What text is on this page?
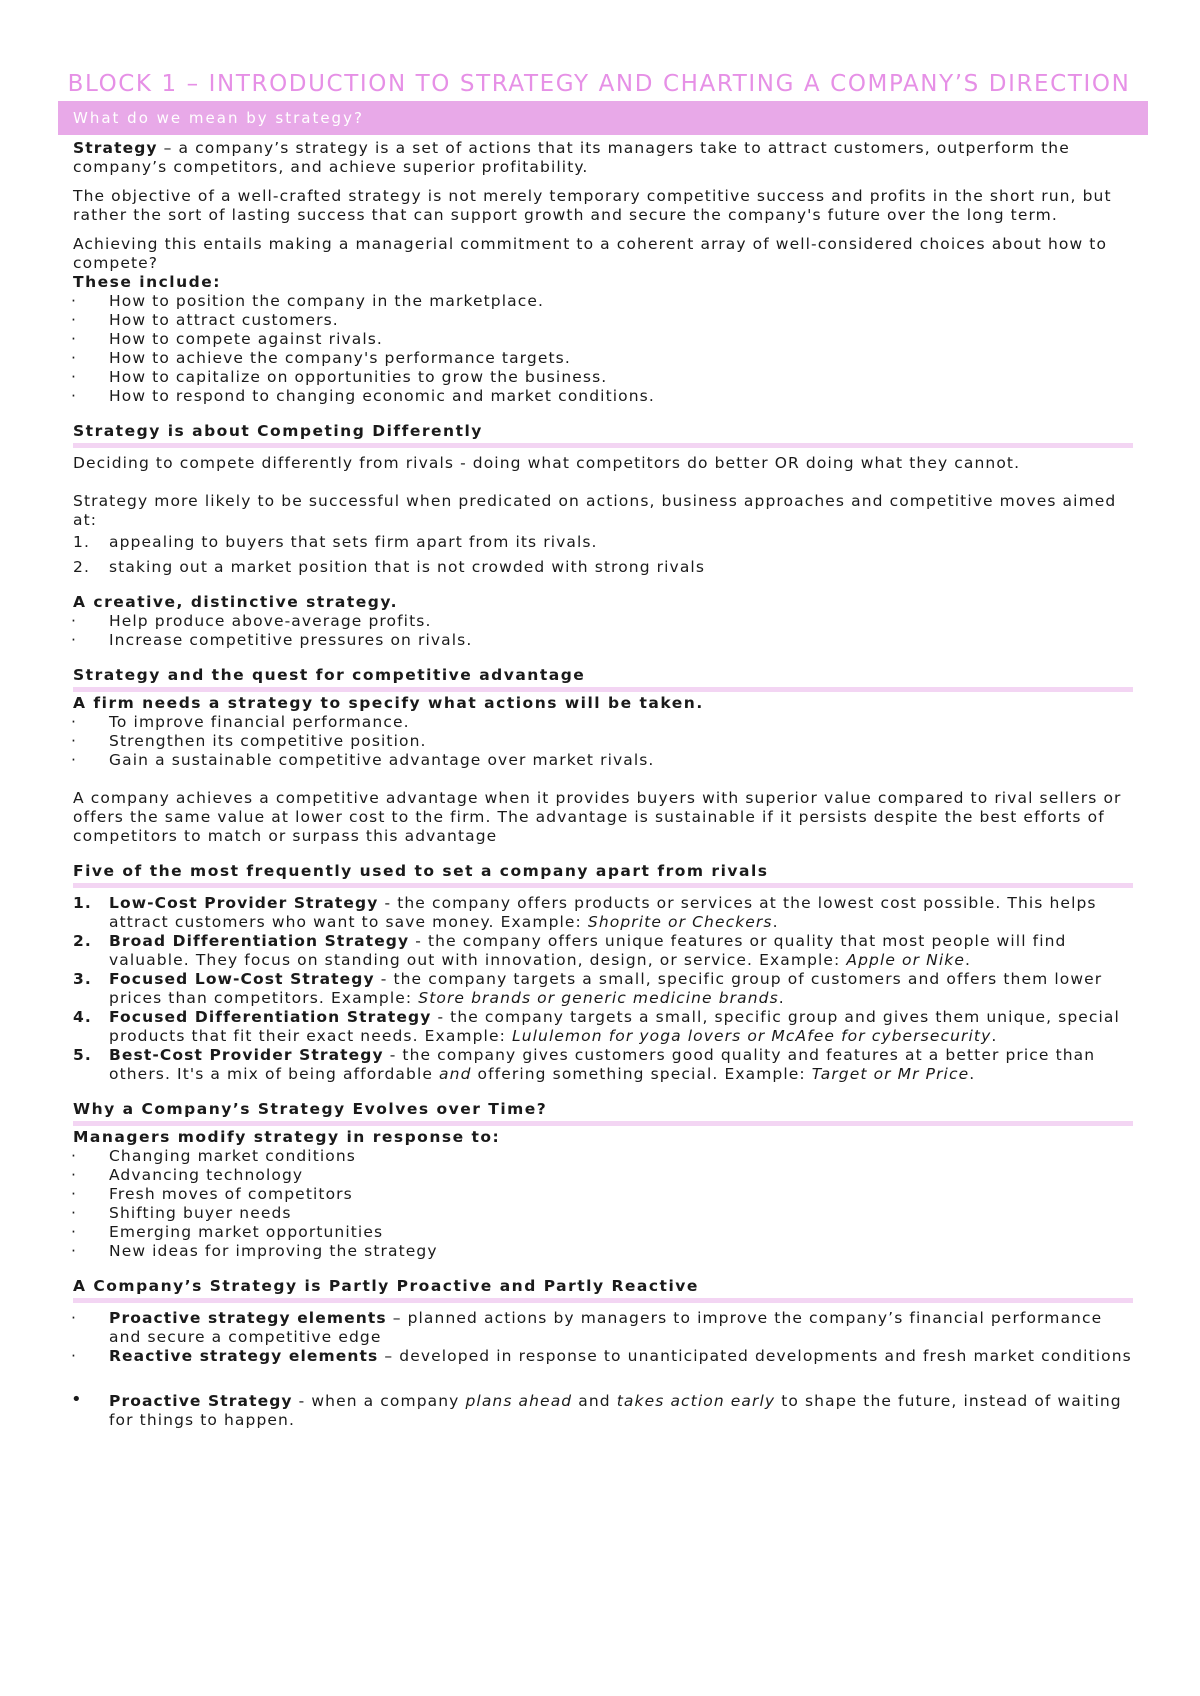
BLOCK 1 – INTRODUCTION TO STRATEGY AND CHARTING A COMPANY’S DIRECTION
What do we mean by strategy?

Strategy – a company’s strategy is a set of actions that its managers take to attract customers, outperform the company’s competitors, and achieve superior profitability.

The objective of a well-crafted strategy is not merely temporary competitive success and profits in the short run, but rather the sort of lasting success that can support growth and secure the company's future over the long term.

Achieving this entails making a managerial commitment to a coherent array of well-considered choices about how to compete?

These include:

· How to position the company in the marketplace.
· How to attract customers.
· How to compete against rivals.
· How to achieve the company's performance targets.
· How to capitalize on opportunities to grow the business.
· How to respond to changing economic and market conditions.

Strategy is about Competing Differently

Deciding to compete differently from rivals - doing what competitors do better OR doing what they cannot.

Strategy more likely to be successful when predicated on actions, business approaches and competitive moves aimed at:

1. appealing to buyers that sets firm apart from its rivals.
2. staking out a market position that is not crowded with strong rivals

A creative, distinctive strategy.

· Help produce above-average profits.
· Increase competitive pressures on rivals.

Strategy and the quest for competitive advantage

A firm needs a strategy to specify what actions will be taken.

· To improve financial performance.
· Strengthen its competitive position.
· Gain a sustainable competitive advantage over market rivals.

A company achieves a competitive advantage when it provides buyers with superior value compared to rival sellers or offers the same value at lower cost to the firm. The advantage is sustainable if it persists despite the best efforts of competitors to match or surpass this advantage

Five of the most frequently used to set a company apart from rivals

1. Low-Cost Provider Strategy - the company offers products or services at the lowest cost possible. This helps attract customers who want to save money. Example: Shoprite or Checkers.
2. Broad Differentiation Strategy - the company offers unique features or quality that most people will find valuable. They focus on standing out with innovation, design, or service. Example: Apple or Nike.
3. Focused Low-Cost Strategy - the company targets a small, specific group of customers and offers them lower prices than competitors. Example: Store brands or generic medicine brands.
4. Focused Differentiation Strategy - the company targets a small, specific group and gives them unique, special products that fit their exact needs. Example: Lululemon for yoga lovers or McAfee for cybersecurity.
5. Best-Cost Provider Strategy - the company gives customers good quality and features at a better price than others. It's a mix of being affordable and offering something special. Example: Target or Mr Price.

Why a Company’s Strategy Evolves over Time?

Managers modify strategy in response to:

· Changing market conditions
· Advancing technology
· Fresh moves of competitors
· Shifting buyer needs
· Emerging market opportunities
· New ideas for improving the strategy

A Company’s Strategy is Partly Proactive and Partly Reactive

· Proactive strategy elements – planned actions by managers to improve the company’s financial performance and secure a competitive edge
· Reactive strategy elements – developed in response to unanticipated developments and fresh market conditions
• Proactive Strategy - when a company plans ahead and takes action early to shape the future, instead of waiting for things to happen.
